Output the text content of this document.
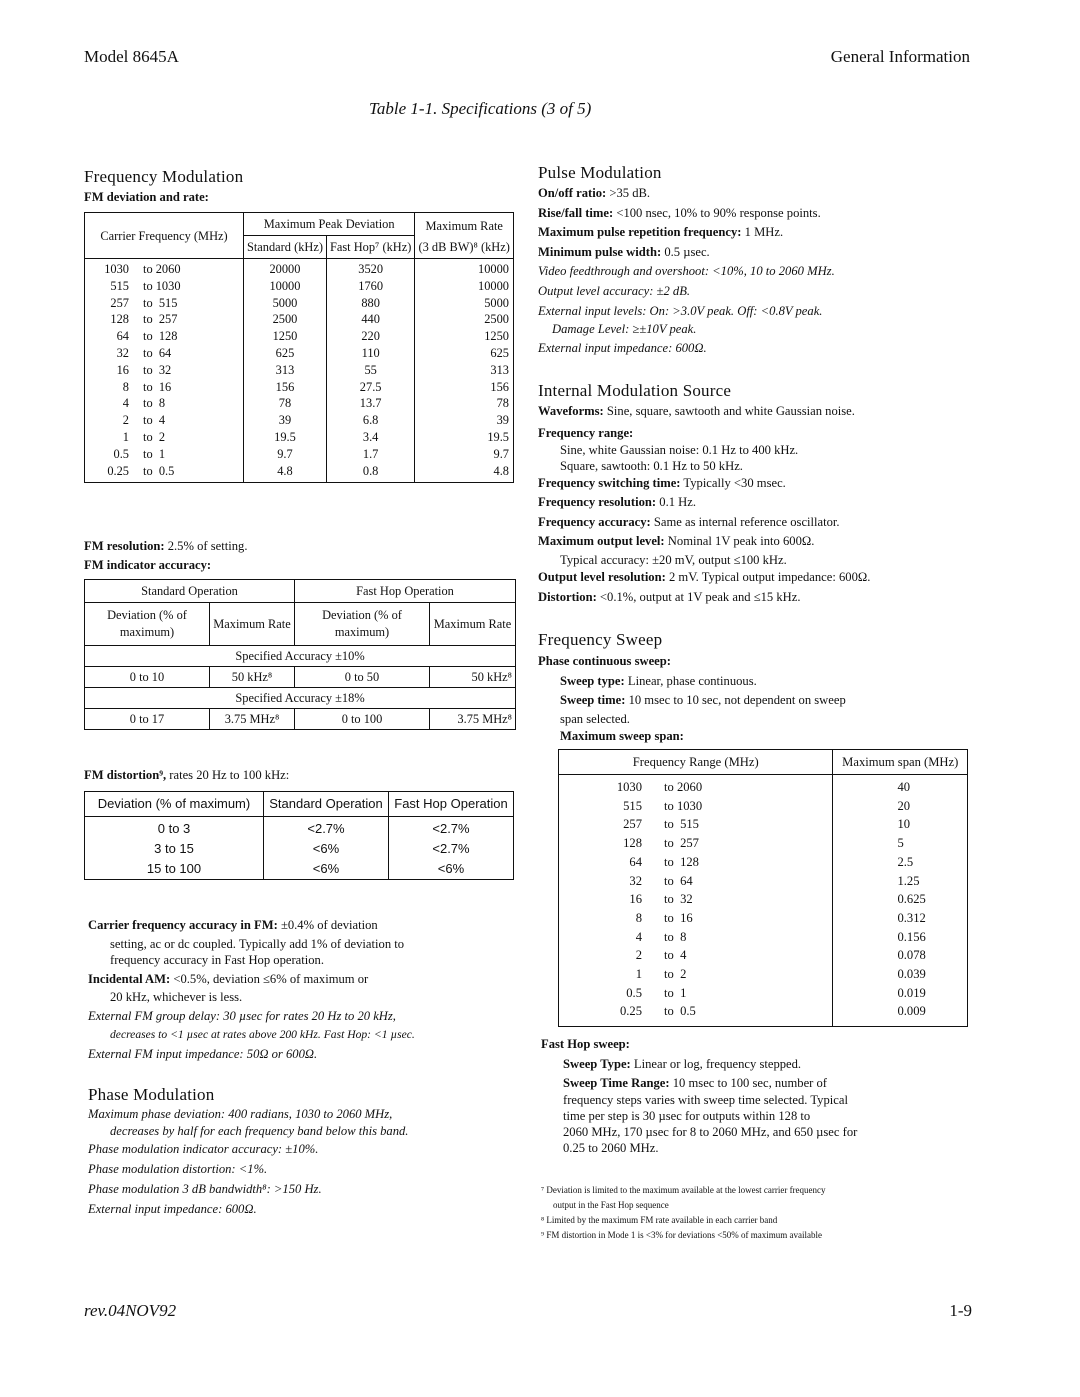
Model 8645A	General Information
Table 1-1. Specifications (3 of 5)
Frequency Modulation
FM deviation and rate:
Carrier Frequency (MHz)	Maximum Peak Deviation		Maximum Rate
	Standard (kHz)	Fast Hop⁷ (kHz)	(3 dB BW)⁸ (kHz)
1030 to 2060	20000	3520	10000
515 to 1030	10000	1760	10000
257 to  515	5000	880	5000
128 to  257	2500	440	2500
64 to  128	1250	220	1250
32 to  64	625	110	625
16 to  32	313	55	313
8 to  16	156	27.5	156
4 to  8	78	13.7	78
2 to  4	39	6.8	39
1 to  2	19.5	3.4	19.5
0.5 to  1	9.7	1.7	9.7
0.25 to  0.5	4.8	0.8	4.8
FM resolution: 2.5% of setting.
FM indicator accuracy:
Standard Operation		Fast Hop Operation	
Deviation (% of maximum)	Maximum Rate	Deviation (% of maximum)	Maximum Rate
Specified Accuracy ±10%			
0 to 10	50 kHz⁸	0 to 50	50 kHz⁸
Specified Accuracy ±18%			
0 to 17	3.75 MHz⁸	0 to 100	3.75 MHz⁸
FM distortion⁹, rates 20 Hz to 100 kHz:
Deviation (% of maximum)	Standard Operation	Fast Hop Operation
0 to 3	<2.7%	<2.7%
3 to 15	<6%	<2.7%
15 to 100	<6%	<6%
Carrier frequency accuracy in FM: ±0.4% of deviation
setting, ac or dc coupled. Typically add 1% of deviation to
frequency accuracy in Fast Hop operation.
Incidental AM: <0.5%, deviation ≤6% of maximum or
20 kHz, whichever is less.
External FM group delay: 30 µsec for rates 20 Hz to 20 kHz,
decreases to <1 µsec at rates above 200 kHz. Fast Hop: <1 µsec.
External FM input impedance: 50Ω or 600Ω.
Phase Modulation
Maximum phase deviation: 400 radians, 1030 to 2060 MHz,
decreases by half for each frequency band below this band.
Phase modulation indicator accuracy: ±10%.
Phase modulation distortion: <1%.
Phase modulation 3 dB bandwidth⁸: >150 Hz.
External input impedance: 600Ω.
Pulse Modulation
On/off ratio: >35 dB.
Rise/fall time: <100 nsec, 10% to 90% response points.
Maximum pulse repetition frequency: 1 MHz.
Minimum pulse width: 0.5 µsec.
Video feedthrough and overshoot: <10%, 10 to 2060 MHz.
Output level accuracy: ±2 dB.
External input levels: On: >3.0V peak. Off: <0.8V peak.
Damage Level: ≥±10V peak.
External input impedance: 600Ω.
Internal Modulation Source
Waveforms: Sine, square, sawtooth and white Gaussian noise.
Frequency range:
Sine, white Gaussian noise: 0.1 Hz to 400 kHz.
Square, sawtooth: 0.1 Hz to 50 kHz.
Frequency switching time: Typically <30 msec.
Frequency resolution: 0.1 Hz.
Frequency accuracy: Same as internal reference oscillator.
Maximum output level: Nominal 1V peak into 600Ω.
Typical accuracy: ±20 mV, output ≤100 kHz.
Output level resolution: 2 mV. Typical output impedance: 600Ω.
Distortion: <0.1%, output at 1V peak and ≤15 kHz.
Frequency Sweep
Phase continuous sweep:
Sweep type: Linear, phase continuous.
Sweep time: 10 msec to 10 sec, not dependent on sweep
span selected.
Maximum sweep span:
Frequency Range (MHz)	Maximum span (MHz)
1030 to 2060	40
515 to 1030	20
257 to  515	10
128 to  257	5
64 to  128	2.5
32 to  64	1.25
16 to  32	0.625
8 to  16	0.312
4 to  8	0.156
2 to  4	0.078
1 to  2	0.039
0.5 to  1	0.019
0.25 to  0.5	0.009
Fast Hop sweep:
Sweep Type: Linear or log, frequency stepped.
Sweep Time Range: 10 msec to 100 sec, number of
frequency steps varies with sweep time selected. Typical
time per step is 30 µsec for outputs within 128 to
2060 MHz, 170 µsec for 8 to 2060 MHz, and 650 µsec for
0.25 to 2060 MHz.
⁷ Deviation is limited to the maximum available at the lowest carrier frequency
output in the Fast Hop sequence
⁸ Limited by the maximum FM rate available in each carrier band
⁹ FM distortion in Mode 1 is <3% for deviations <50% of maximum available
rev.04NOV92	1-9
